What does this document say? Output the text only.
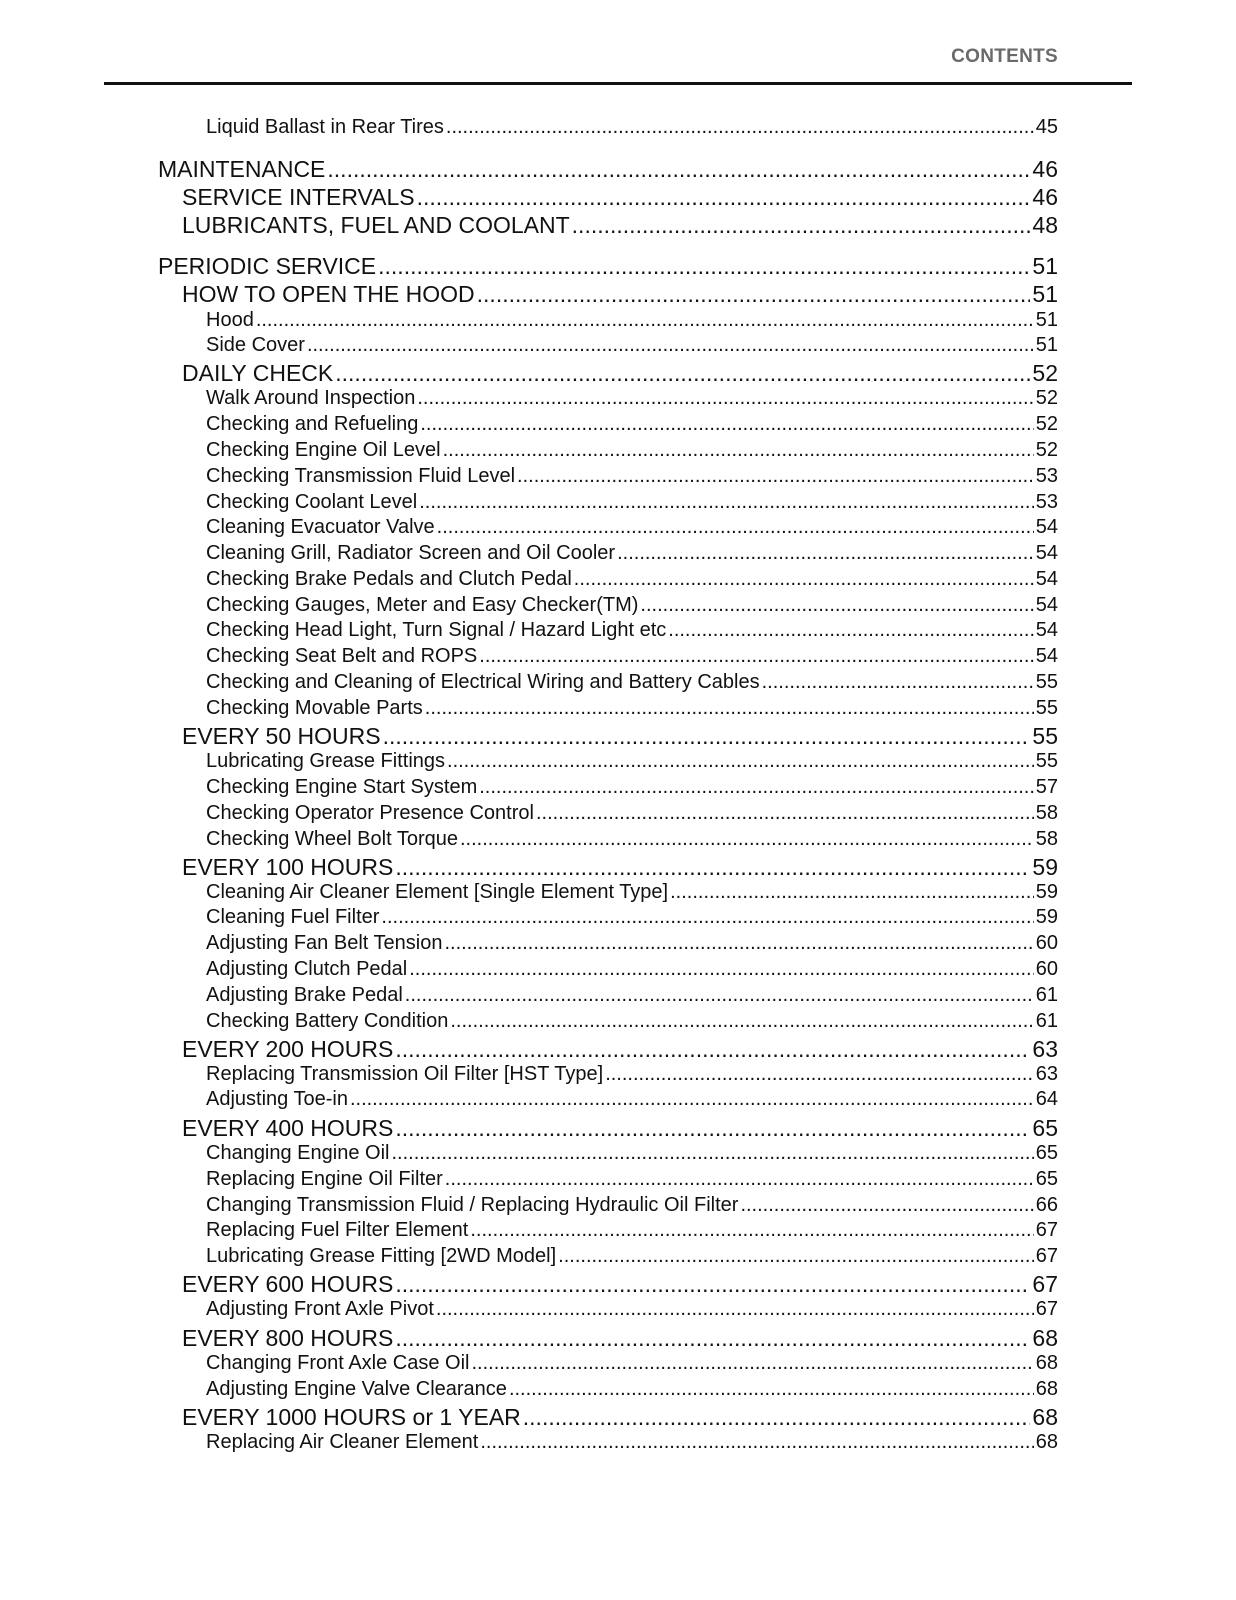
CONTENTS
Liquid Ballast in Rear Tires .....	45
MAINTENANCE .....	46
SERVICE INTERVALS .....	46
LUBRICANTS, FUEL AND COOLANT .....	48
PERIODIC SERVICE .....	51
HOW TO OPEN THE HOOD .....	51
Hood .....	51
Side Cover .....	51
DAILY CHECK .....	52
Walk Around Inspection .....	52
Checking and Refueling .....	52
Checking Engine Oil Level .....	52
Checking Transmission Fluid Level .....	53
Checking Coolant Level .....	53
Cleaning Evacuator Valve .....	54
Cleaning Grill, Radiator Screen and Oil Cooler .....	54
Checking Brake Pedals and Clutch Pedal .....	54
Checking Gauges, Meter and Easy Checker(TM) .....	54
Checking Head Light, Turn Signal / Hazard Light etc .....	54
Checking Seat Belt and ROPS .....	54
Checking and Cleaning of Electrical Wiring and Battery Cables .....	55
Checking Movable Parts .....	55
EVERY 50 HOURS .....	55
Lubricating Grease Fittings .....	55
Checking Engine Start System .....	57
Checking Operator Presence Control .....	58
Checking Wheel Bolt Torque .....	58
EVERY 100 HOURS .....	59
Cleaning Air Cleaner Element [Single Element Type] .....	59
Cleaning Fuel Filter .....	59
Adjusting Fan Belt Tension .....	60
Adjusting Clutch Pedal .....	60
Adjusting Brake Pedal .....	61
Checking Battery Condition .....	61
EVERY 200 HOURS .....	63
Replacing Transmission Oil Filter [HST Type] .....	63
Adjusting Toe-in .....	64
EVERY 400 HOURS .....	65
Changing Engine Oil .....	65
Replacing Engine Oil Filter .....	65
Changing Transmission Fluid / Replacing Hydraulic Oil Filter .....	66
Replacing Fuel Filter Element .....	67
Lubricating Grease Fitting [2WD Model] .....	67
EVERY 600 HOURS .....	67
Adjusting Front Axle Pivot .....	67
EVERY 800 HOURS .....	68
Changing Front Axle Case Oil .....	68
Adjusting Engine Valve Clearance .....	68
EVERY 1000 HOURS or 1 YEAR .....	68
Replacing Air Cleaner Element .....	68
